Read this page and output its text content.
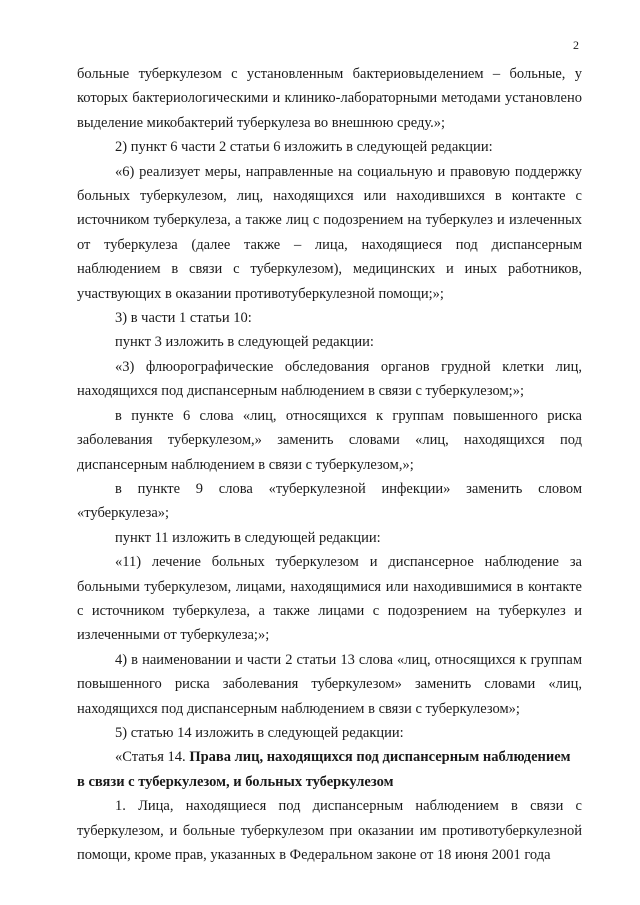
2

больные туберкулезом с установленным бактериовыделением – больные, у которых бактериологическими и клинико-лабораторными методами установлено выделение микобактерий туберкулеза во внешнюю среду.»;

2) пункт 6 части 2 статьи 6 изложить в следующей редакции:

«6) реализует меры, направленные на социальную и правовую поддержку больных туберкулезом, лиц, находящихся или находившихся в контакте с источником туберкулеза, а также лиц с подозрением на туберкулез и излеченных от туберкулеза (далее также – лица, находящиеся под диспансерным наблюдением в связи с туберкулезом), медицинских и иных работников, участвующих в оказании противотуберкулезной помощи;»;

3) в части 1 статьи 10:

пункт 3 изложить в следующей редакции:

«3) флюорографические обследования органов грудной клетки лиц, находящихся под диспансерным наблюдением в связи с туберкулезом;»;

в пункте 6 слова «лиц, относящихся к группам повышенного риска заболевания туберкулезом,» заменить словами «лиц, находящихся под диспансерным наблюдением в связи с туберкулезом,»;

в пункте 9 слова «туберкулезной инфекции» заменить словом «туберкулеза»;

пункт 11 изложить в следующей редакции:

«11) лечение больных туберкулезом и диспансерное наблюдение за больными туберкулезом, лицами, находящимися или находившимися в контакте с источником туберкулеза, а также лицами с подозрением на туберкулез и излеченными от туберкулеза;»;

4) в наименовании и части 2 статьи 13 слова «лиц, относящихся к группам повышенного риска заболевания туберкулезом» заменить словами «лиц, находящихся под диспансерным наблюдением в связи с туберкулезом»;

5) статью 14 изложить в следующей редакции:

«Статья 14. Права лиц, находящихся под диспансерным наблюдением
в связи с туберкулезом, и больных туберкулезом

1. Лица, находящиеся под диспансерным наблюдением в связи с туберкулезом, и больные туберкулезом при оказании им противотуберкулезной помощи, кроме прав, указанных в Федеральном законе от 18 июня 2001 года
